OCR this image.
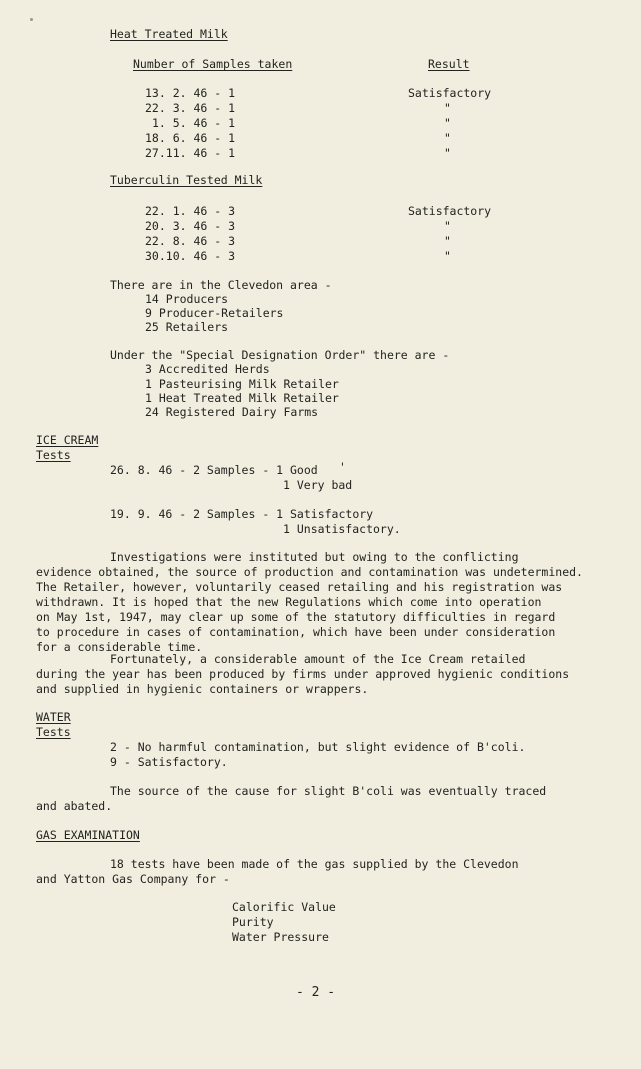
Heat Treated Milk
Number of Samples taken	Result
13. 2. 46 - 1
22. 3. 46 - 1
1. 5. 46 - 1
18. 6. 46 - 1
27.11. 46 - 1
Satisfactory
"
"
"
"
Tuberculin Tested Milk
22. 1. 46 - 3
20. 3. 46 - 3
22. 8. 46 - 3
30.10. 46 - 3
Satisfactory
"
"
"
There are in the Clevedon area -
14 Producers
9 Producer-Retailers
25 Retailers
Under the "Special Designation Order" there are -
3 Accredited Herds
1 Pasteurising Milk Retailer
1 Heat Treated Milk Retailer
24 Registered Dairy Farms
ICE CREAM
Tests
26. 8. 46 - 2 Samples - 1 Good '
1 Very bad
19. 9. 46 - 2 Samples - 1 Satisfactory
1 Unsatisfactory.
Investigations were instituted but owing to the conflicting
evidence obtained, the source of production and contamination was undetermined.
The Retailer, however, voluntarily ceased retailing and his registration was
withdrawn. It is hoped that the new Regulations which come into operation
on May 1st, 1947, may clear up some of the statutory difficulties in regard
to procedure in cases of contamination, which have been under consideration
for a considerable time.
Fortunately, a considerable amount of the Ice Cream retailed
during the year has been produced by firms under approved hygienic conditions
and supplied in hygienic containers or wrappers.
WATER
Tests
2 - No harmful contamination, but slight evidence of B'coli.
9 - Satisfactory.
The source of the cause for slight B'coli was eventually traced
and abated.
GAS EXAMINATION
18 tests have been made of the gas supplied by the Clevedon
and Yatton Gas Company for -
Calorific Value
Purity
Water Pressure
- 2 -
